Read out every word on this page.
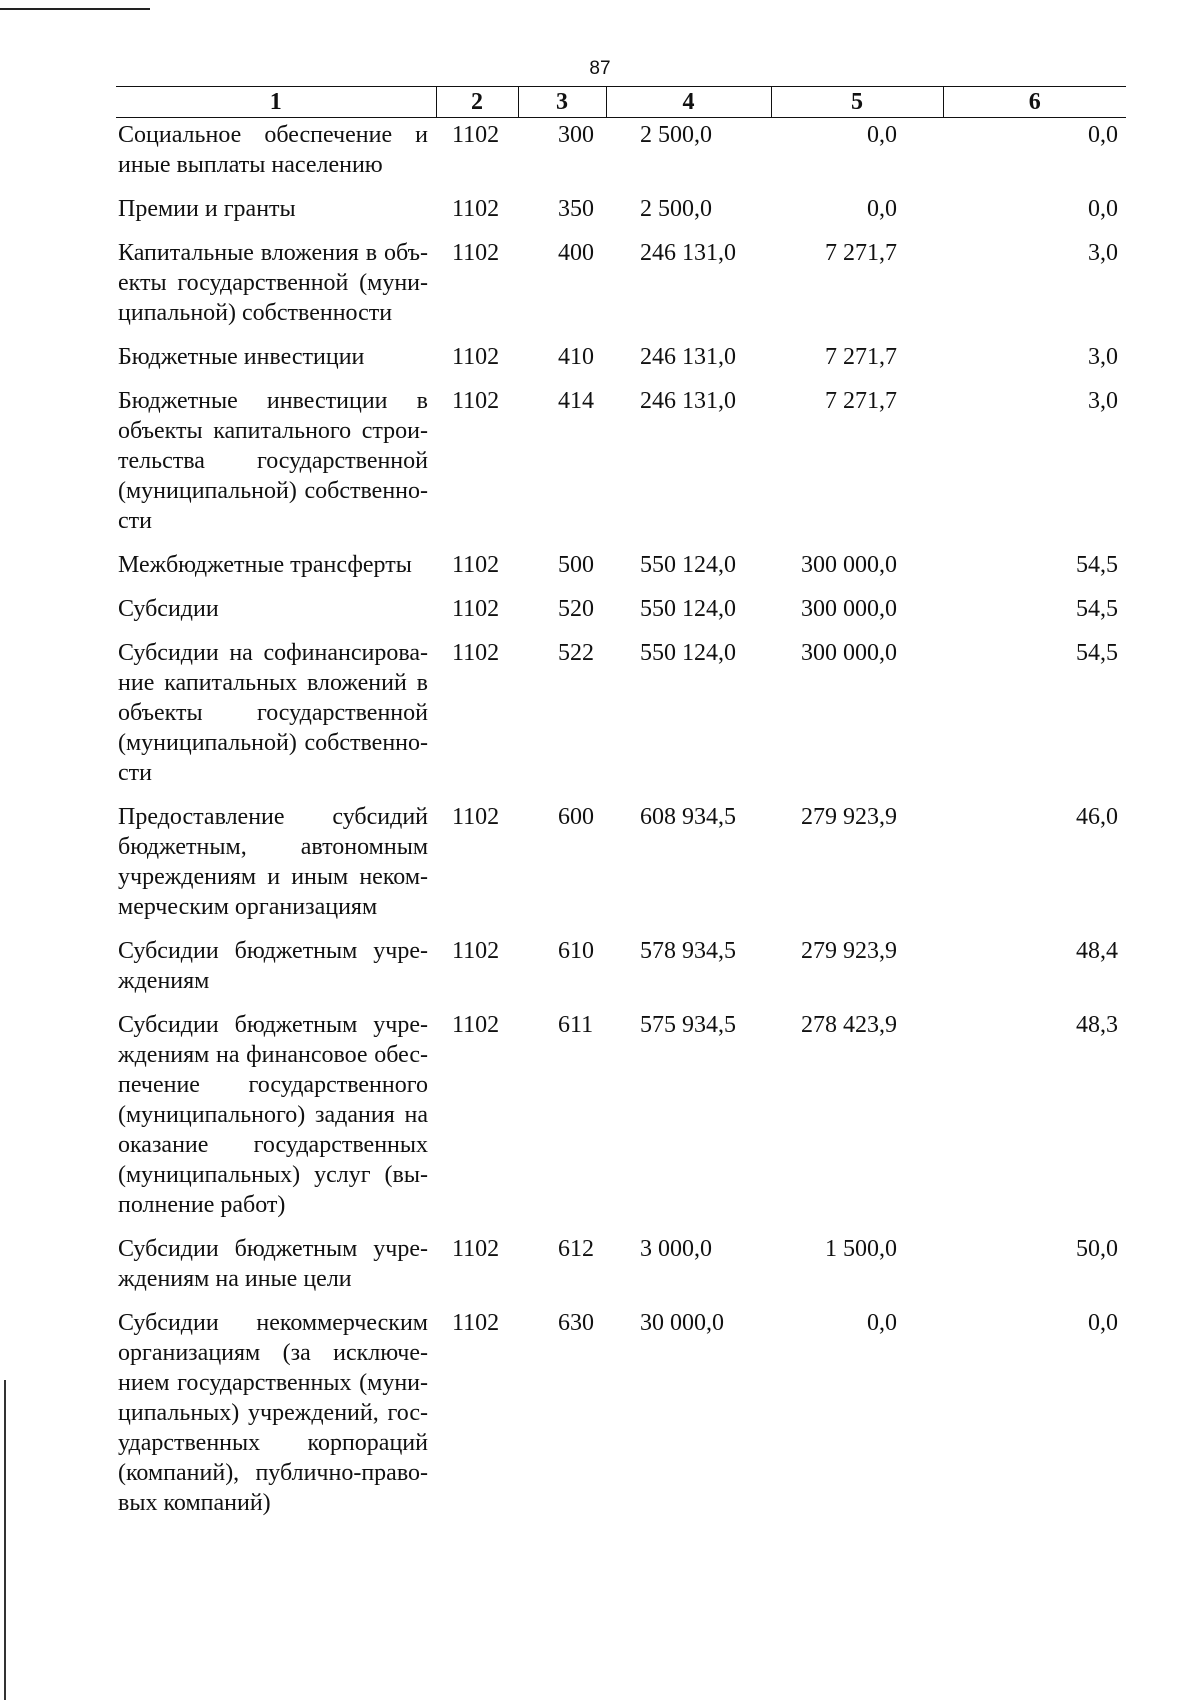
87
1	2	3	4	5	6
Социальное обеспечение и иные выплаты населению	1102	300	2 500,0	0,0	0,0
Премии и гранты	1102	350	2 500,0	0,0	0,0
Капитальные вложения в объ-екты государственной (муни-ципальной) собственности	1102	400	246 131,0	7 271,7	3,0
Бюджетные инвестиции	1102	410	246 131,0	7 271,7	3,0
Бюджетные инвестиции в объекты капитального строи-тельства государственной (муниципальной) собственно-сти	1102	414	246 131,0	7 271,7	3,0
Межбюджетные трансферты	1102	500	550 124,0	300 000,0	54,5
Субсидии	1102	520	550 124,0	300 000,0	54,5
Субсидии на софинансирова-ние капитальных вложений в объекты государственной (муниципальной) собственно-сти	1102	522	550 124,0	300 000,0	54,5
Предоставление субсидий бюджетным, автономным учреждениям и иным неком-мерческим организациям	1102	600	608 934,5	279 923,9	46,0
Субсидии бюджетным учре-ждениям	1102	610	578 934,5	279 923,9	48,4
Субсидии бюджетным учре-ждениям на финансовое обес-печение государственного (муниципального) задания на оказание государственных (муниципальных) услуг (вы-полнение работ)	1102	611	575 934,5	278 423,9	48,3
Субсидии бюджетным учре-ждениям на иные цели	1102	612	3 000,0	1 500,0	50,0
Субсидии некоммерческим организациям (за исключе-нием государственных (муни-ципальных) учреждений, гос-ударственных корпораций (компаний), публично-право-вых компаний)	1102	630	30 000,0	0,0	0,0
